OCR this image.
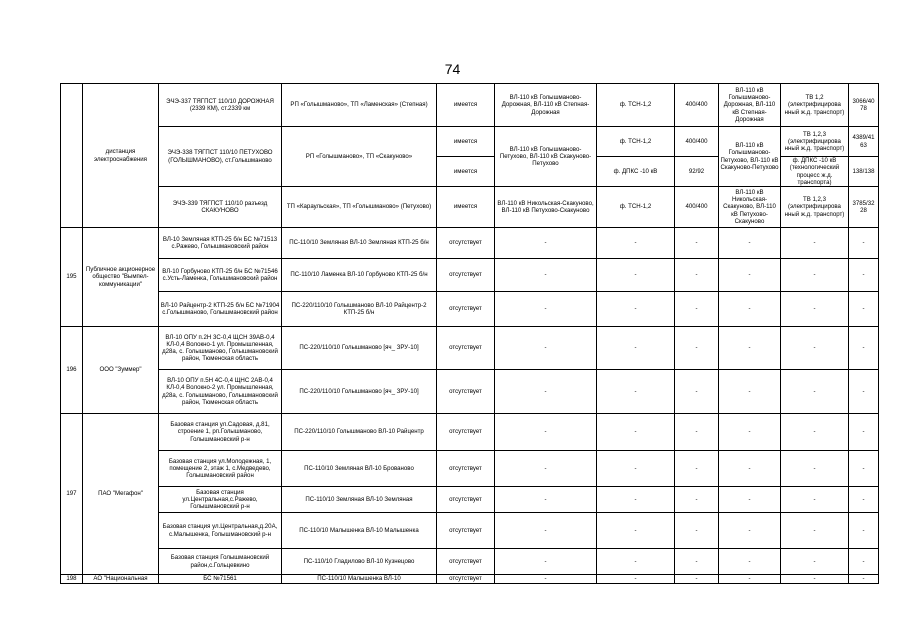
74
	дистанция электроснабжения	ЭЧЭ-337 ТЯГПСТ 110/10 ДОРОЖНАЯ (2339 КМ), ст.2339 км	РП «Голышманово», ТП «Ламенская» (Степная)	имеется	ВЛ-110 кВ Голышманово-Дорожная, ВЛ-110 кВ Степная-Дорожная	ф. ТСН-1,2	400/400	ВЛ-110 кВ Голышманово-Дорожная, ВЛ-110 кВ Степная-Дорожная	ТВ 1,2 (электрифицирова нный ж.д. транспорт)	3066/40 78
		ЭЧЭ-338 ТЯГПСТ 110/10 ПЕТУХОВО (ГОЛЫШМАНОВО), ст.Голышманово	РП «Голышманово», ТП «Скакуново»	имеется	ВЛ-110 кВ Голышманово-Петухово, ВЛ-110 кВ Скакуново-Петухово	ф. ТСН-1,2	400/400	ВЛ-110 кВ Голышманово-Петухово, ВЛ-110 кВ Скакуново-Петухово	ТВ 1,2,3 (электрифицирова нный ж.д. транспорт)	4389/41 63
				имеется		ф. ДПКС -10 кВ	92/92		ф. ДПКС -10 кВ (технологический процесс ж.д. транспорта)	138/138
		ЭЧЭ-339 ТЯГПСТ 110/10 разъезд СКАКУНОВО	ТП «Караульская», ТП «Голышманово» (Петухово)	имеется	ВЛ-110 кВ Никольская-Скакуново, ВЛ-110 кВ Петухово-Скакуново	ф. ТСН-1,2	400/400	ВЛ-110 кВ Никольская-Скакуново, ВЛ-110 кВ Петухово-Скакуново	ТВ 1,2,3 (электрифицирова нный ж.д. транспорт)	3785/32 28
195	Публичное акционерное общество "Вымпел-коммуникации"	ВЛ-10 Земляная КТП-25 б/н БС №71513 с.Ражево, Голышмановский район	ПС-110/10 Земляная ВЛ-10 Земляная КТП-25 б/н	отсутствует	-	-	-	-	-	-
		ВЛ-10 Горбуново КТП-25 б/н БС №71546 с.Усть-Ламенка, Голышмановский район	ПС-110/10 Ламенка ВЛ-10 Горбуново КТП-25 б/н	отсутствует	-	-	-	-	-	-
		ВЛ-10 Райцентр-2 КТП-25 б/н БС №71904 с.Голышманово, Голышмановский район	ПС-220/110/10 Голышманово ВЛ-10 Райцентр-2 КТП-25 б/н	отсутствует	-	-	-	-	-	-
196	ООО "Зуммер"	ВЛ-10 ОПУ п.2Н 3С-0,4 ЩСН 39АВ-0,4 КЛ-0,4 Волокно-1 ул. Промышленная, д28а, с. Голышманово, Голышмановский район, Тюменская область	ПС-220/110/10 Голышманово [яч_ ЗРУ-10]	отсутствует	-	-	-	-	-	-
		ВЛ-10 ОПУ п.5Н 4С-0,4 ЩНС 2АВ-0,4 КЛ-0,4 Волокно-2 ул. Промышленная, д28а, с. Голышманово, Голышмановский район, Тюменская область	ПС-220/110/10 Голышманово [яч_ ЗРУ-10]	отсутствует	-	-	-	-	-	-
197	ПАО "Мегафон"	Базовая станция ул.Садовая, д.81, строение 1, рп.Голышманово, Голышмановский р-н	ПС-220/110/10 Голышманово ВЛ-10 Райцентр	отсутствует	-	-	-	-	-	-
		Базовая станция ул.Молодежная, 1, помещение 2, этаж 1, с.Медведево, Голышмановский район	ПС-110/10 Земляная ВЛ-10 Брованово	отсутствует	-	-	-	-	-	-
		Базовая станция ул.Центральная,с.Ражево, Голышмановский р-н	ПС-110/10 Земляная ВЛ-10 Земляная	отсутствует	-	-	-	-	-	-
		Базовая станция ул.Центральная,д.20А, с.Малышенка, Голышмановский р-н	ПС-110/10 Малышенка ВЛ-10 Малышенка	отсутствует	-	-	-	-	-	-
		Базовая станция Голышмановский район,с.Гольцевкино	ПС-110/10 Гладилово ВЛ-10 Кузнецово	отсутствует	-	-	-	-	-	-
198	АО "Национальная	БС №71561	ПС-110/10 Малышенка ВЛ-10	отсутствует	-	-	-	-	-	-
